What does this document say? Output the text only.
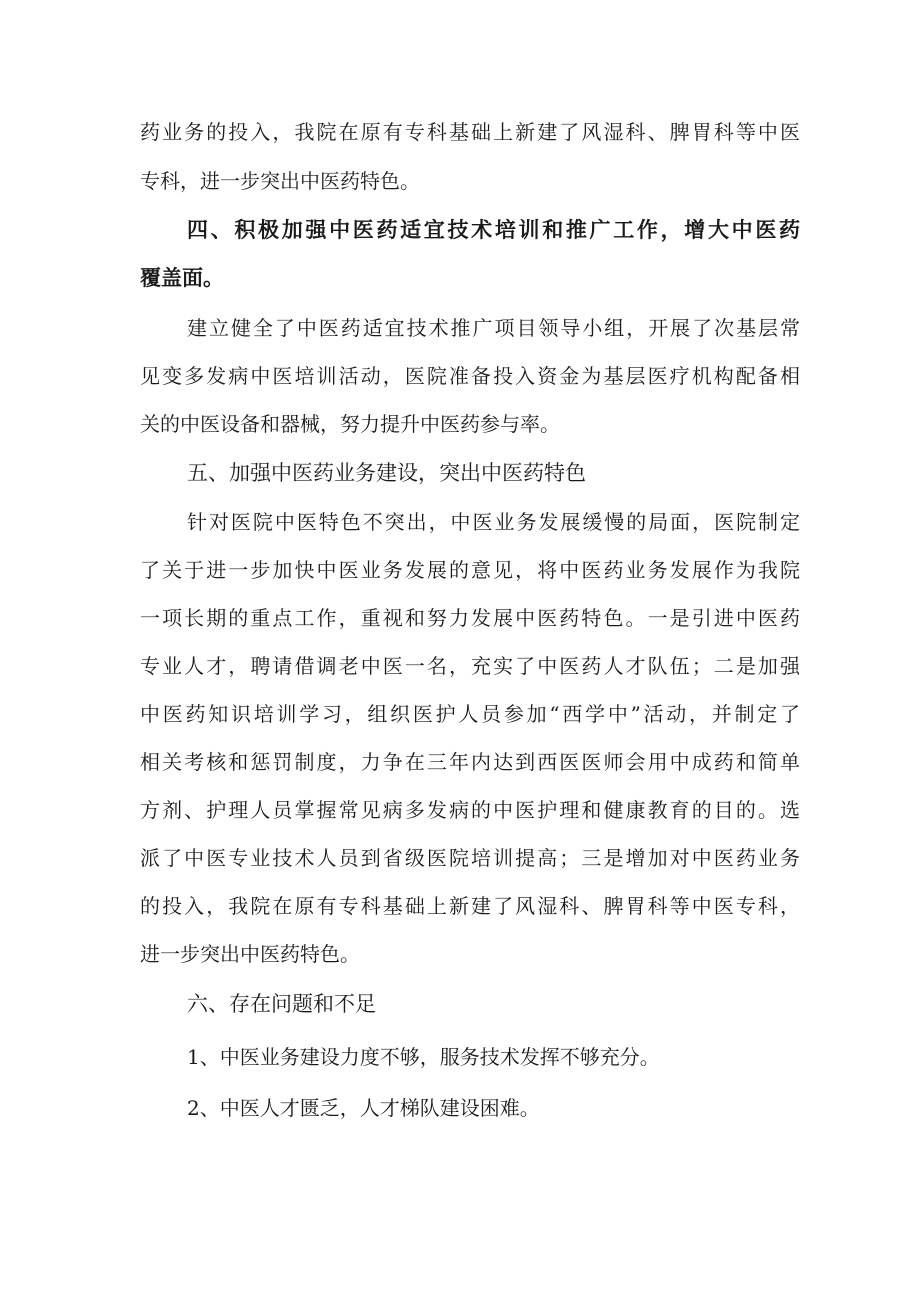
药业务的投入，我院在原有专科基础上新建了风湿科、脾胃科等中医
专科，进一步突出中医药特色。
四、积极加强中医药适宜技术培训和推广工作，增大中医药
覆盖面。
建立健全了中医药适宜技术推广项目领导小组，开展了次基层常
见变多发病中医培训活动，医院准备投入资金为基层医疗机构配备相
关的中医设备和器械，努力提升中医药参与率。
五、加强中医药业务建设，突出中医药特色
针对医院中医特色不突出，中医业务发展缓慢的局面，医院制定
了关于进一步加快中医业务发展的意见，将中医药业务发展作为我院
一项长期的重点工作，重视和努力发展中医药特色。一是引进中医药
专业人才，聘请借调老中医一名，充实了中医药人才队伍；二是加强
中医药知识培训学习，组织医护人员参加“西学中”活动，并制定了
相关考核和惩罚制度，力争在三年内达到西医医师会用中成药和简单
方剂、护理人员掌握常见病多发病的中医护理和健康教育的目的。选
派了中医专业技术人员到省级医院培训提高；三是增加对中医药业务
的投入，我院在原有专科基础上新建了风湿科、脾胃科等中医专科，
进一步突出中医药特色。
六、存在问题和不足
1、中医业务建设力度不够，服务技术发挥不够充分。
2、中医人才匮乏，人才梯队建设困难。
